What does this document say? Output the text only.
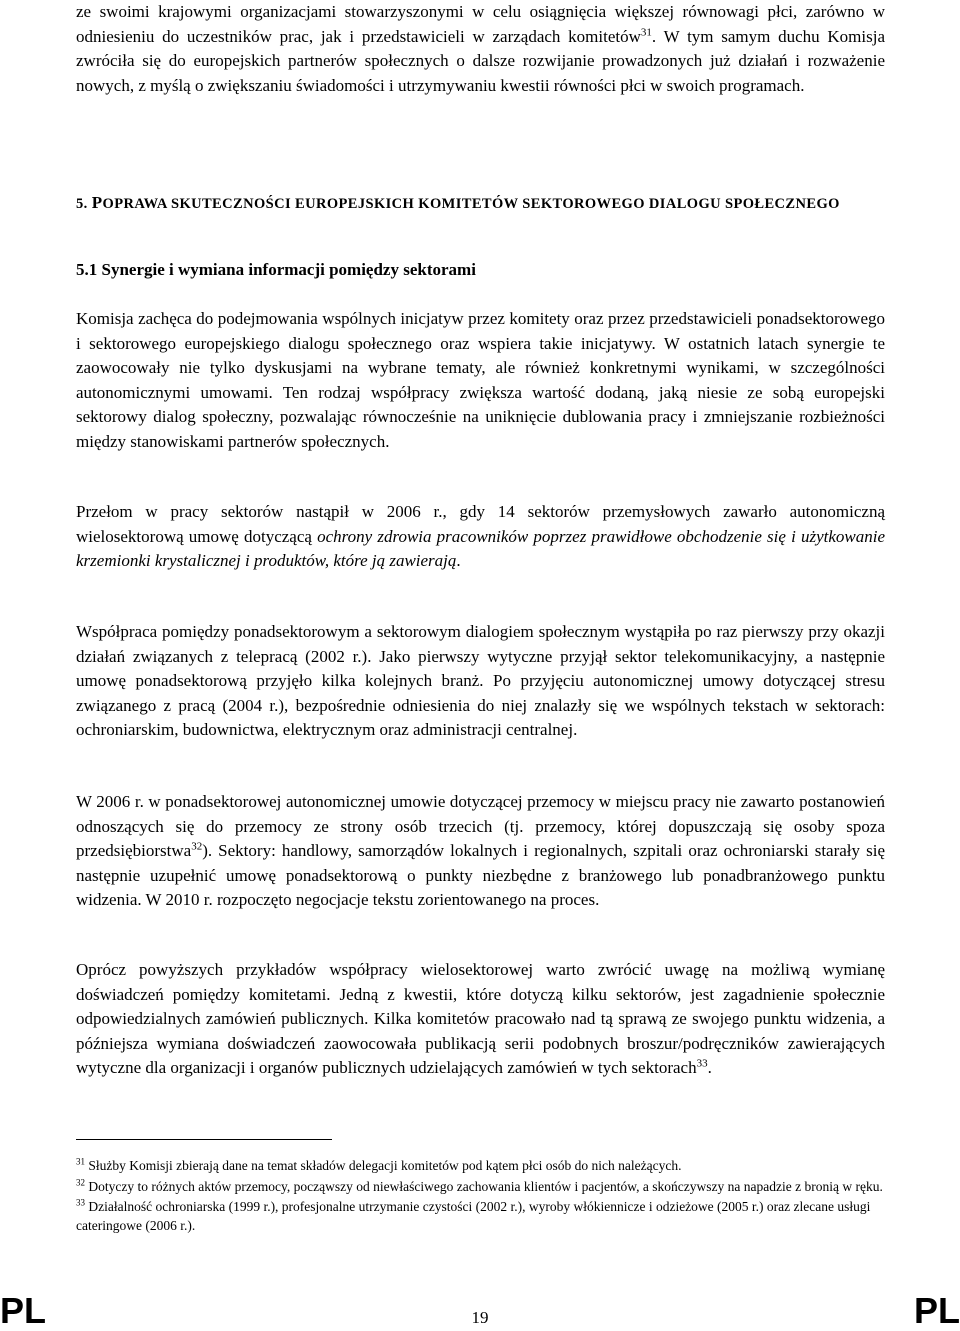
ze swoimi krajowymi organizacjami stowarzyszonymi w celu osiągnięcia większej równowagi płci, zarówno w odniesieniu do uczestników prac, jak i przedstawicieli w zarządach komitetów$^{31}$. W tym samym duchu Komisja zwróciła się do europejskich partnerów społecznych o dalsze rozwijanie prowadzonych już działań i rozważenie nowych, z myślą o zwiększaniu świadomości i utrzymywaniu kwestii równości płci w swoich programach.

5. POPRAWA SKUTECZNOŚCI EUROPEJSKICH KOMITETÓW SEKTOROWEGO DIALOGU SPOŁECZNEGO
5.1 Synergie i wymiana informacji pomiędzy sektorami

Komisja zachęca do podejmowania wspólnych inicjatyw przez komitety oraz przez przedstawicieli ponadsektorowego i sektorowego europejskiego dialogu społecznego oraz wspiera takie inicjatywy. W ostatnich latach synergie te zaowocowały nie tylko dyskusjami na wybrane tematy, ale również konkretnymi wynikami, w szczególności autonomicznymi umowami. Ten rodzaj współpracy zwiększa wartość dodaną, jaką niesie ze sobą europejski sektorowy dialog społeczny, pozwalając równocześnie na uniknięcie dublowania pracy i zmniejszanie rozbieżności między stanowiskami partnerów społecznych.

Przełom w pracy sektorów nastąpił w 2006 r., gdy 14 sektorów przemysłowych zawarło autonomiczną wielosektorową umowę dotyczącą ochrony zdrowia pracowników poprzez prawidłowe obchodzenie się i użytkowanie krzemionki krystalicznej i produktów, które ją zawierają.

Współpraca pomiędzy ponadsektorowym a sektorowym dialogiem społecznym wystąpiła po raz pierwszy przy okazji działań związanych z telepracą (2002 r.). Jako pierwszy wytyczne przyjął sektor telekomunikacyjny, a następnie umowę ponadsektorową przyjęło kilka kolejnych branż. Po przyjęciu autonomicznej umowy dotyczącej stresu związanego z pracą (2004 r.), bezpośrednie odniesienia do niej znalazły się we wspólnych tekstach w sektorach: ochroniarskim, budownictwa, elektrycznym oraz administracji centralnej.

W 2006 r. w ponadsektorowej autonomicznej umowie dotyczącej przemocy w miejscu pracy nie zawarto postanowień odnoszących się do przemocy ze strony osób trzecich (tj. przemocy, której dopuszczają się osoby spoza przedsiębiorstwa$^{32}$). Sektory: handlowy, samorządów lokalnych i regionalnych, szpitali oraz ochroniarski starały się następnie uzupełnić umowę ponadsektorową o punkty niezbędne z branżowego lub ponadbranżowego punktu widzenia. W 2010 r. rozpoczęto negocjacje tekstu zorientowanego na proces.

Oprócz powyższych przykładów współpracy wielosektorowej warto zwrócić uwagę na możliwą wymianę doświadczeń pomiędzy komitetami. Jedną z kwestii, które dotyczą kilku sektorów, jest zagadnienie społecznie odpowiedzialnych zamówień publicznych. Kilka komitetów pracowało nad tą sprawą ze swojego punktu widzenia, a późniejsza wymiana doświadczeń zaowocowała publikacją serii podobnych broszur/podręczników zawierających wytyczne dla organizacji i organów publicznych udzielających zamówień w tych sektorach$^{33}$.

$^{31}$ Służby Komisji zbierają dane na temat składów delegacji komitetów pod kątem płci osób do nich należących.
$^{32}$ Dotyczy to różnych aktów przemocy, począwszy od niewłaściwego zachowania klientów i pacjentów, a skończywszy na napadzie z bronią w ręku.
$^{33}$ Działalność ochroniarska (1999 r.), profesjonalne utrzymanie czystości (2002 r.), wyroby włókiennicze i odzieżowe (2005 r.) oraz zlecane usługi cateringowe (2006 r.).
PL	19	PL
